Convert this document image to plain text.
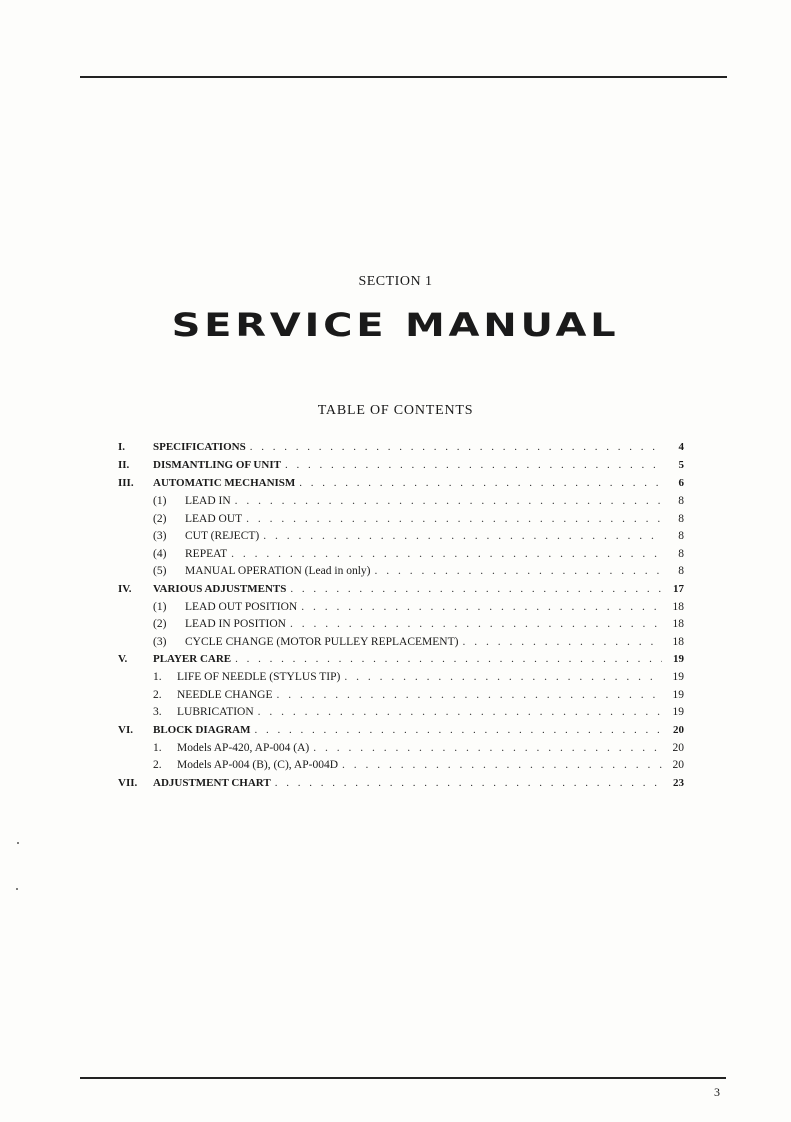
SECTION 1
SERVICE MANUAL
TABLE OF CONTENTS
I.	SPECIFICATIONS . . .	4
II.	DISMANTLING OF UNIT . . .	5
III.	AUTOMATIC MECHANISM . . .	6
(1)	LEAD IN . . .	8
(2)	LEAD OUT . . .	8
(3)	CUT (REJECT) . . .	8
(4)	REPEAT . . .	8
(5)	MANUAL OPERATION (Lead in only) . . .	8
IV.	VARIOUS ADJUSTMENTS . . .	17
(1)	LEAD OUT POSITION . . .	18
(2)	LEAD IN POSITION . . .	18
(3)	CYCLE CHANGE (MOTOR PULLEY REPLACEMENT) . . .	18
V.	PLAYER CARE . . .	19
1.	LIFE OF NEEDLE (STYLUS TIP) . . .	19
2.	NEEDLE CHANGE . . .	19
3.	LUBRICATION . . .	19
VI.	BLOCK DIAGRAM . . .	20
1.	Models AP-420, AP-004 (A) . . .	20
2.	Models AP-004 (B), (C), AP-004D . . .	20
VII.	ADJUSTMENT CHART . . .	23
3
